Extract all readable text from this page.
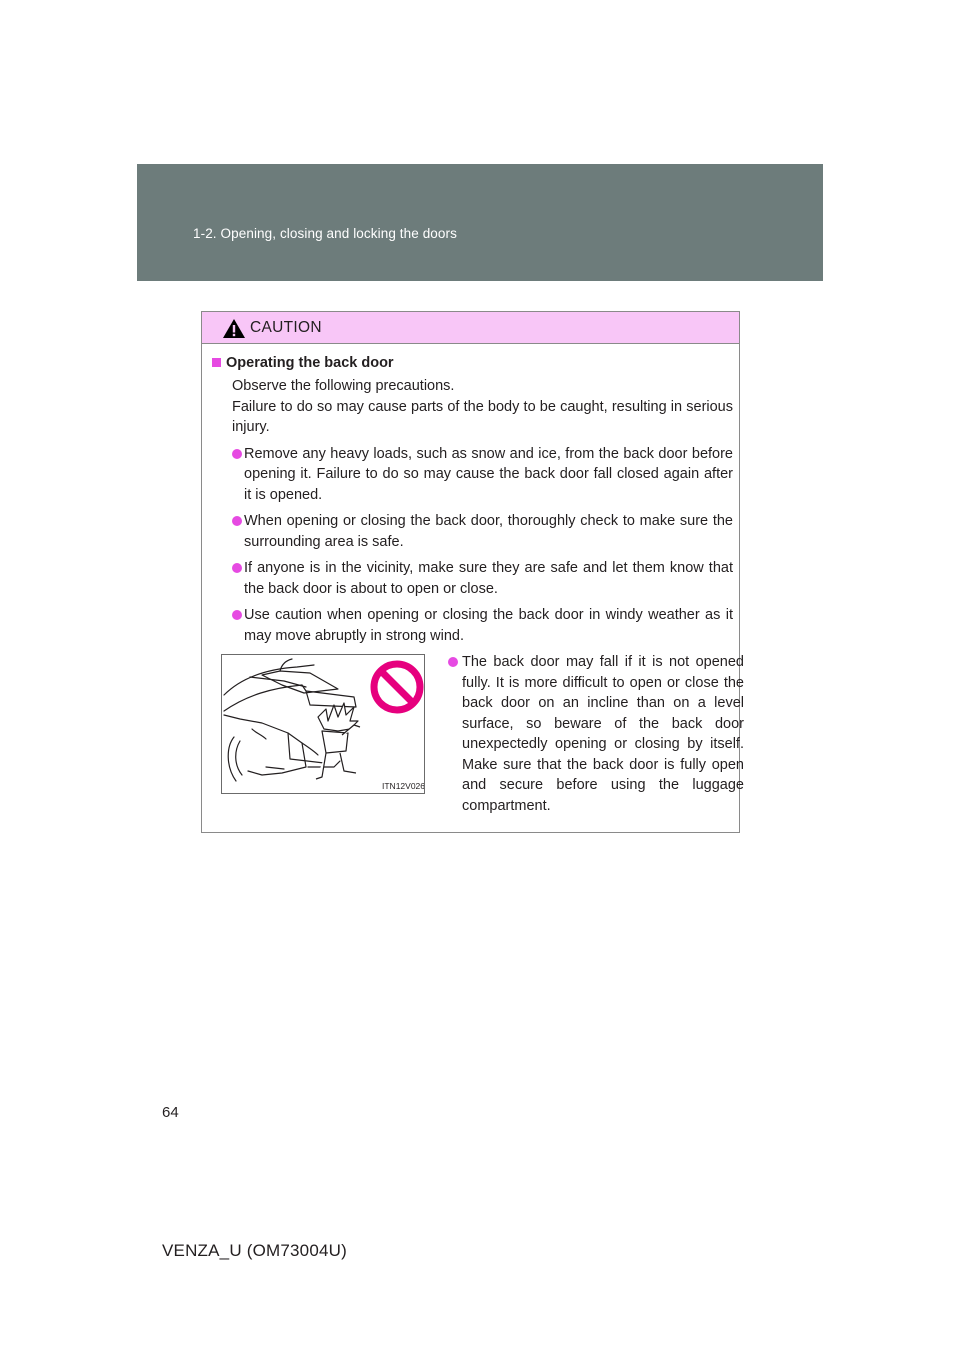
1-2. Opening, closing and locking the doors
CAUTION
Operating the back door
Observe the following precautions.
Failure to do so may cause parts of the body to be caught, resulting in serious injury.
Remove any heavy loads, such as snow and ice, from the back door before opening it. Failure to do so may cause the back door fall closed again after it is opened.
When opening or closing the back door, thoroughly check to make sure the surrounding area is safe.
If anyone is in the vicinity, make sure they are safe and let them know that the back door is about to open or close.
Use caution when opening or closing the back door in windy weather as it may move abruptly in strong wind.
ITN12V026
The back door may fall if it is not opened fully. It is more difficult to open or close the back door on an incline than on a level surface, so beware of the back door unexpectedly opening or closing by itself. Make sure that the back door is fully open and secure before using the luggage compartment.
64
VENZA_U (OM73004U)
